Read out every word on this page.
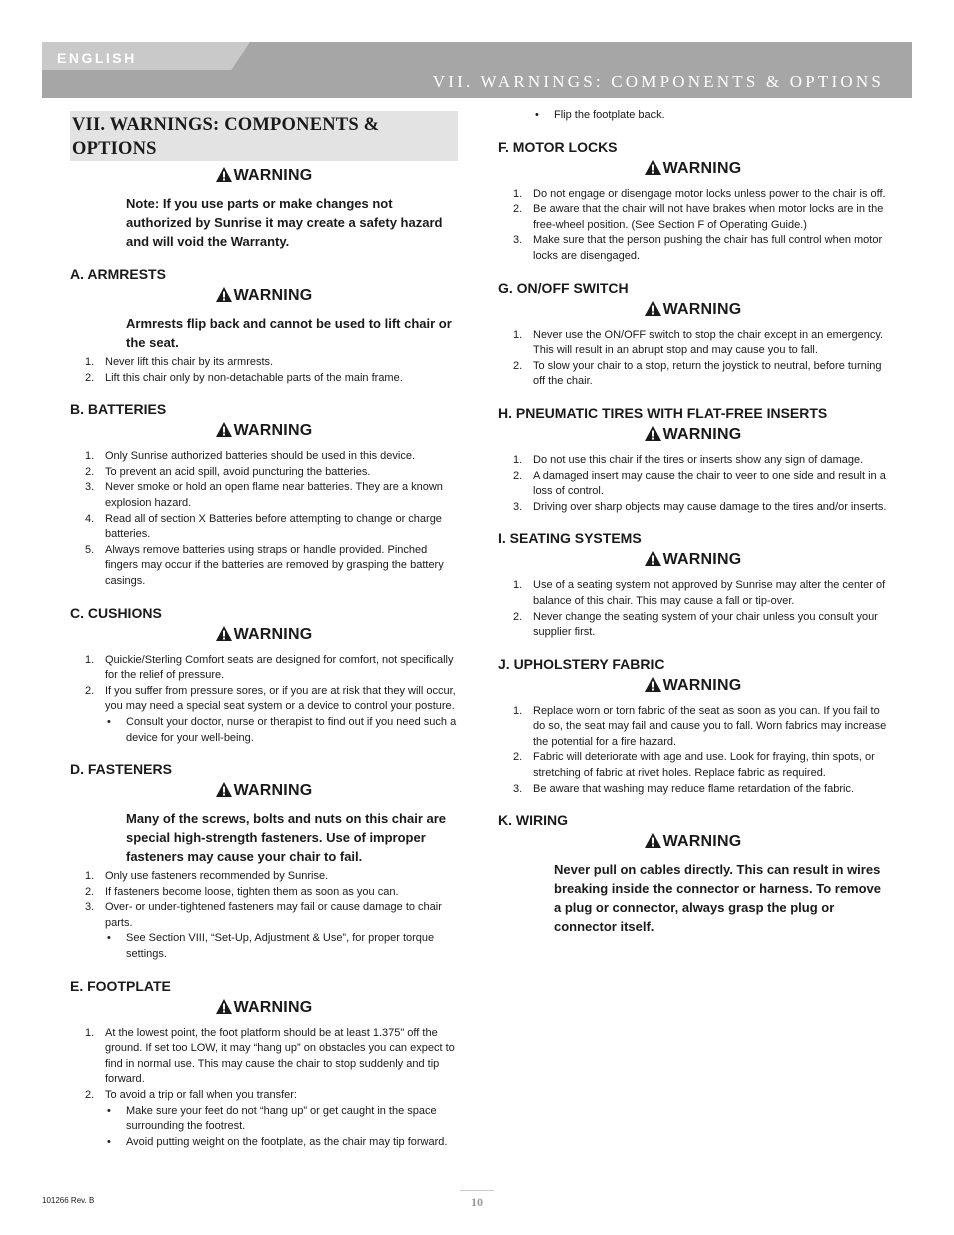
ENGLISH
VII. WARNINGS: COMPONENTS & OPTIONS
VII. WARNINGS: COMPONENTS & OPTIONS
WARNING
Note: If you use parts or make changes not authorized by Sunrise it may create a safety hazard and will void the Warranty.
A. ARMRESTS
WARNING
Armrests flip back and cannot be used to lift chair or the seat.
1. Never lift this chair by its armrests.
2. Lift this chair only by non-detachable parts of the main frame.
B. BATTERIES
WARNING
1. Only Sunrise authorized batteries should be used in this device.
2. To prevent an acid spill, avoid puncturing the batteries.
3. Never smoke or hold an open flame near batteries. They are a known explosion hazard.
4. Read all of section X Batteries before attempting to change or charge batteries.
5. Always remove batteries using straps or handle provided. Pinched fingers may occur if the batteries are removed by grasping the battery casings.
C. CUSHIONS
WARNING
1. Quickie/Sterling Comfort seats are designed for comfort, not specifically for the relief of pressure.
2. If you suffer from pressure sores, or if you are at risk that they will occur, you may need a special seat system or a device to control your posture.
• Consult your doctor, nurse or therapist to find out if you need such a device for your well-being.
D. FASTENERS
WARNING
Many of the screws, bolts and nuts on this chair are special high-strength fasteners. Use of improper fasteners may cause your chair to fail.
1. Only use fasteners recommended by Sunrise.
2. If fasteners become loose, tighten them as soon as you can.
3. Over- or under-tightened fasteners may fail or cause damage to chair parts.
• See Section VIII, “Set-Up, Adjustment & Use”, for proper torque settings.
E. FOOTPLATE
WARNING
1. At the lowest point, the foot platform should be at least 1.375" off the ground. If set too LOW, it may “hang up” on obstacles you can expect to find in normal use. This may cause the chair to stop suddenly and tip forward.
2. To avoid a trip or fall when you transfer:
• Make sure your feet do not “hang up” or get caught in the space surrounding the footrest.
• Avoid putting weight on the footplate, as the chair may tip forward.
• Flip the footplate back.
F. MOTOR LOCKS
WARNING
1. Do not engage or disengage motor locks unless power to the chair is off.
2. Be aware that the chair will not have brakes when motor locks are in the free-wheel position. (See Section F of Operating Guide.)
3. Make sure that the person pushing the chair has full control when motor locks are disengaged.
G. ON/OFF SWITCH
WARNING
1. Never use the ON/OFF switch to stop the chair except in an emergency. This will result in an abrupt stop and may cause you to fall.
2. To slow your chair to a stop, return the joystick to neutral, before turning off the chair.
H. PNEUMATIC TIRES WITH FLAT-FREE INSERTS
WARNING
1. Do not use this chair if the tires or inserts show any sign of damage.
2. A damaged insert may cause the chair to veer to one side and result in a loss of control.
3. Driving over sharp objects may cause damage to the tires and/or inserts.
I. SEATING SYSTEMS
WARNING
1. Use of a seating system not approved by Sunrise may alter the center of balance of this chair. This may cause a fall or tip-over.
2. Never change the seating system of your chair unless you consult your supplier first.
J. UPHOLSTERY FABRIC
WARNING
1. Replace worn or torn fabric of the seat as soon as you can. If you fail to do so, the seat may fail and cause you to fall. Worn fabrics may increase the potential for a fire hazard.
2. Fabric will deteriorate with age and use. Look for fraying, thin spots, or stretching of fabric at rivet holes. Replace fabric as required.
3. Be aware that washing may reduce flame retardation of the fabric.
K. WIRING
WARNING
Never pull on cables directly. This can result in wires breaking inside the connector or harness. To remove a plug or connector, always grasp the plug or connector itself.
101266 Rev. B	10
